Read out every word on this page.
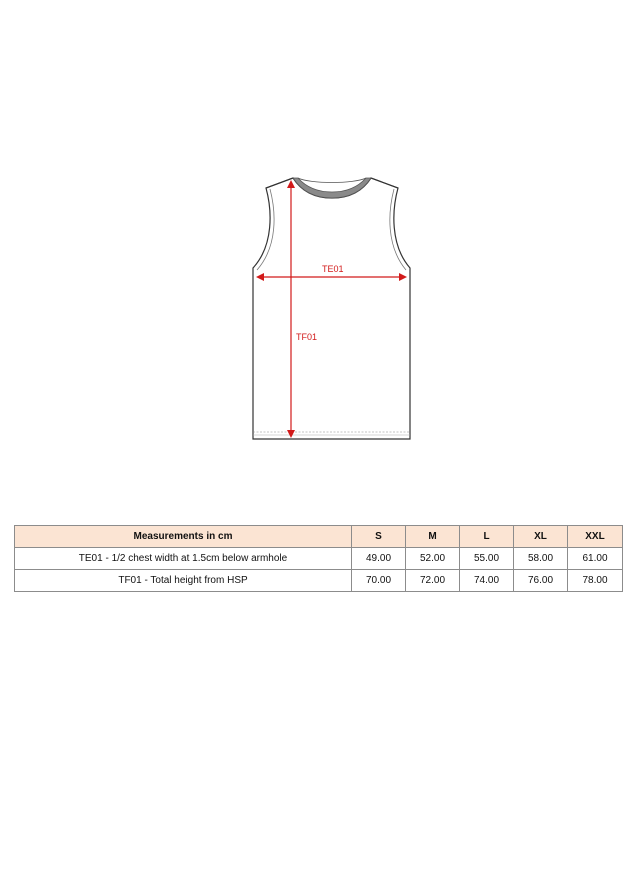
TE01
TF01
Measurements in cm	S	M	L	XL	XXL
TE01 - 1/2 chest width at 1.5cm below armhole	49.00	52.00	55.00	58.00	61.00
TF01 - Total height from HSP	70.00	72.00	74.00	76.00	78.00
